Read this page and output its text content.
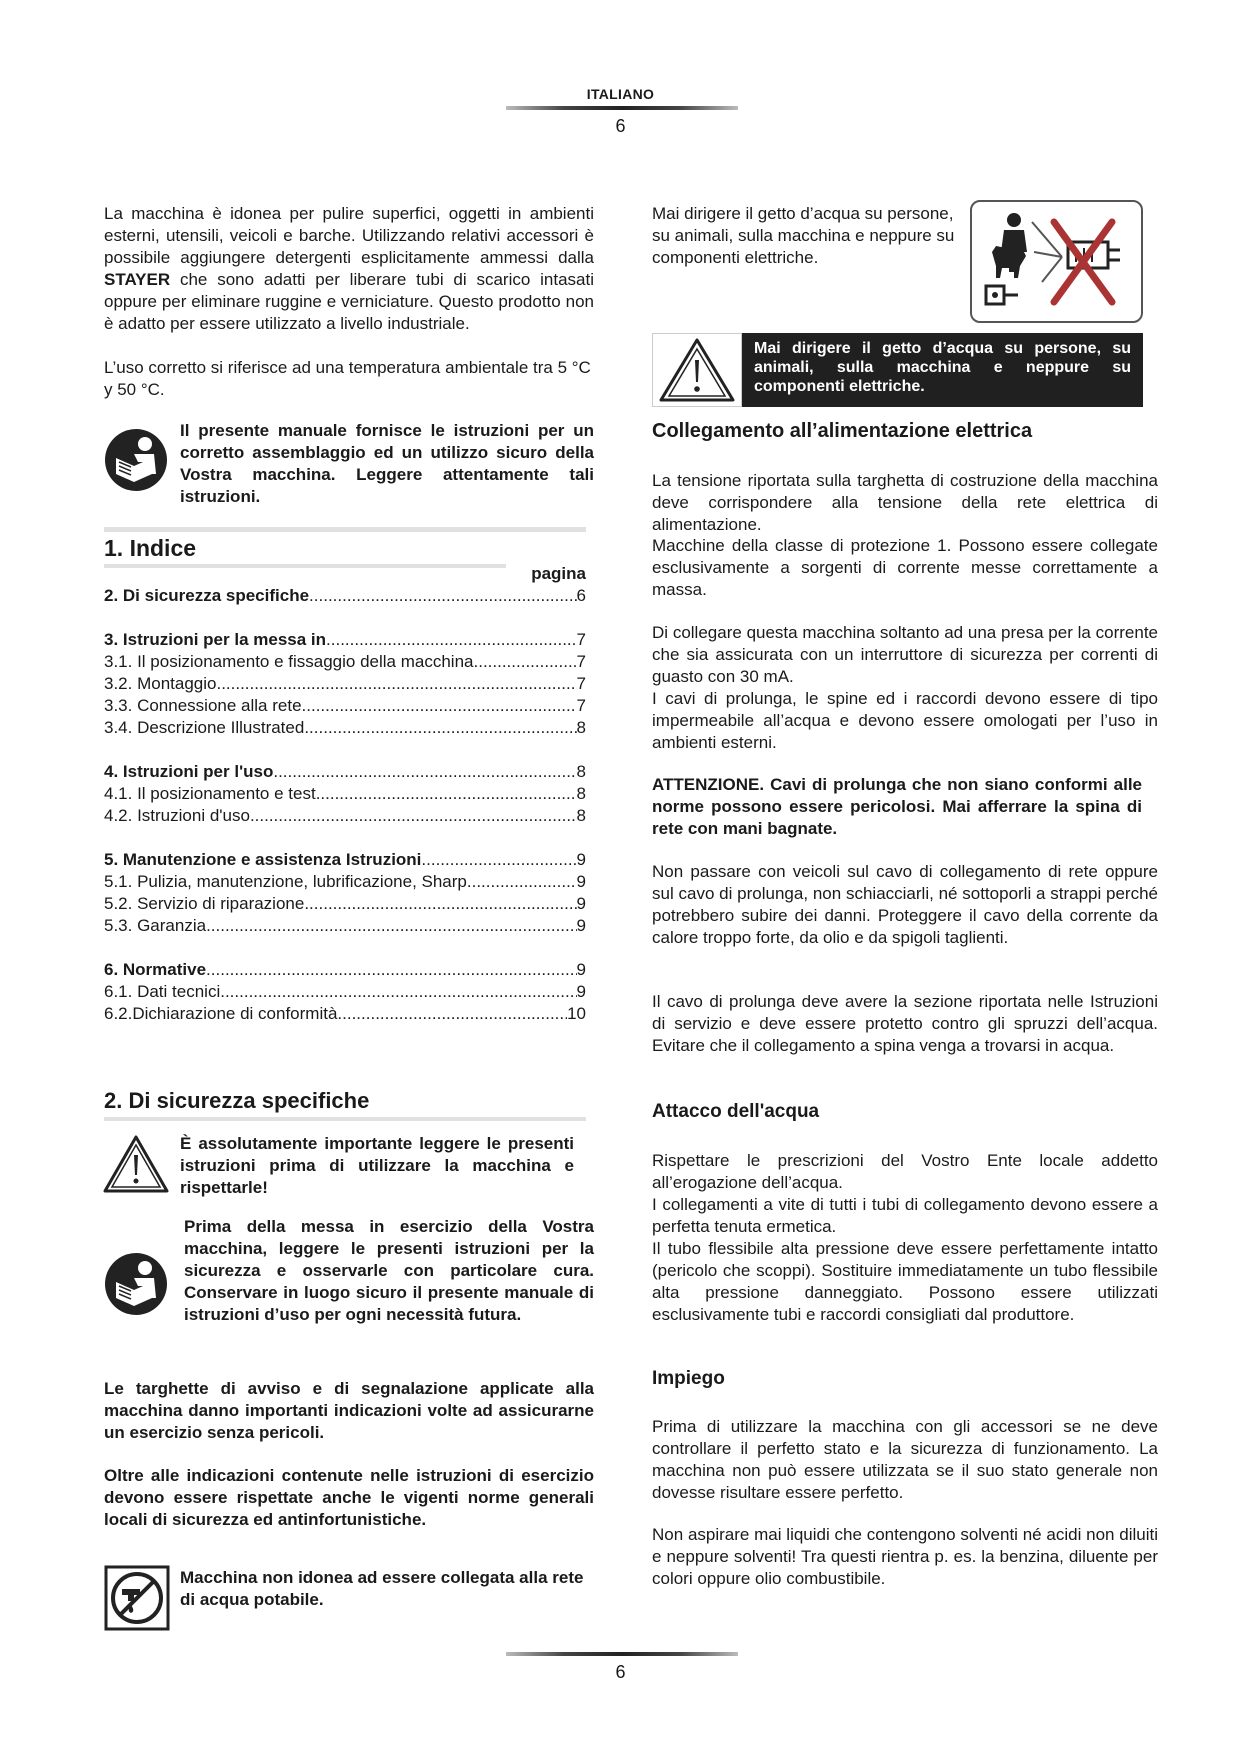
ITALIANO
6
La macchina è idonea per pulire superfici, oggetti in ambienti esterni, utensili, veicoli e barche. Utilizzando relativi accessori è possibile aggiungere detergenti esplicitamente ammessi dalla STAYER che sono adatti per liberare tubi di scarico intasati oppure per eliminare ruggine e verniciature. Questo prodotto non è adatto per essere utilizzato a livello industriale.
L’uso corretto si riferisce ad una temperatura ambientale tra 5 °C y 50 °C.
Il presente manuale fornisce le istruzioni per un corretto assemblaggio ed un utilizzo sicuro della Vostra macchina. Leggere attentamente tali istruzioni.
1. Indice
pagina
2. Di sicurezza specifiche .....	6
3. Istruzioni per la messa in .....	7
3.1. Il posizionamento e fissaggio della macchina .....	7
3.2. Montaggio .....	7
3.3. Connessione alla rete .....	7
3.4. Descrizione Illustrated .....	8
4. Istruzioni per l'uso .....	8
4.1. Il posizionamento e test .....	8
4.2. Istruzioni d'uso .....	8
5. Manutenzione e assistenza Istruzioni .....	9
5.1. Pulizia, manutenzione, lubrificazione, Sharp .....	9
5.2. Servizio di riparazione .....	9
5.3. Garanzia .....	9
6. Normative .....	9
6.1. Dati tecnici .....	9
6.2.Dichiarazione di conformità .....	10
2. Di sicurezza specifiche
È assolutamente importante leggere le presenti istruzioni prima di utilizzare la macchina e rispettarle!
Prima della messa in esercizio della Vostra macchina, leggere le presenti istruzioni per la sicurezza e osservarle con particolare cura. Conservare in luogo sicuro il presente manuale di istruzioni d’uso per ogni necessità futura.
Le targhette di avviso e di segnalazione applicate alla macchina danno importanti indicazioni volte ad assicurarne un esercizio senza pericoli.
Oltre alle indicazioni contenute nelle istruzioni di esercizio devono essere rispettate anche le vigenti norme generali locali di sicurezza ed antinfortunistiche.
Macchina non idonea ad essere collegata alla rete di acqua potabile.
Mai dirigere il getto d’acqua su persone, su animali, sulla macchina e neppure su componenti elettriche.
Mai dirigere il getto d’acqua su persone, su animali, sulla macchina e neppure su componenti elettriche.
Collegamento all’alimentazione elettrica
La tensione riportata sulla targhetta di costruzione della macchina deve corrispondere alla tensione della rete elettrica di alimentazione.
Macchine della classe di protezione 1. Possono essere collegate esclusivamente a sorgenti di corrente messe correttamente a massa.
Di collegare questa macchina soltanto ad una presa per la corrente che sia assicurata con un interruttore di sicurezza per correnti di guasto con 30 mA.
I cavi di prolunga, le spine ed i raccordi devono essere di tipo impermeabile all’acqua e devono essere omologati per l’uso in ambienti esterni.
ATTENZIONE. Cavi di prolunga che non siano conformi alle norme possono essere pericolosi. Mai afferrare la spina di rete con mani bagnate.
Non passare con veicoli sul cavo di collegamento di rete oppure sul cavo di prolunga, non schiacciarli, né sottoporli a strappi perché potrebbero subire dei danni. Proteggere il cavo della corrente da calore troppo forte, da olio e da spigoli taglienti.
Il cavo di prolunga deve avere la sezione riportata nelle Istruzioni di servizio e deve essere protetto contro gli spruzzi dell’acqua. Evitare che il collegamento a spina venga a trovarsi in acqua.
Attacco dell'acqua
Rispettare le prescrizioni del Vostro Ente locale addetto all’erogazione dell’acqua.
I collegamenti a vite di tutti i tubi di collegamento devono essere a perfetta tenuta ermetica.
Il tubo flessibile alta pressione deve essere perfettamente intatto (pericolo che scoppi). Sostituire immediatamente un tubo flessibile alta pressione danneggiato. Possono essere utilizzati esclusivamente tubi e raccordi consigliati dal produttore.
Impiego
Prima di utilizzare la macchina con gli accessori se ne deve controllare il perfetto stato e la sicurezza di funzionamento. La macchina non può essere utilizzata se il suo stato generale non dovesse risultare essere perfetto.
Non aspirare mai liquidi che contengono solventi né acidi non diluiti e neppure solventi! Tra questi rientra p. es. la benzina, diluente per colori oppure olio combustibile.
6
